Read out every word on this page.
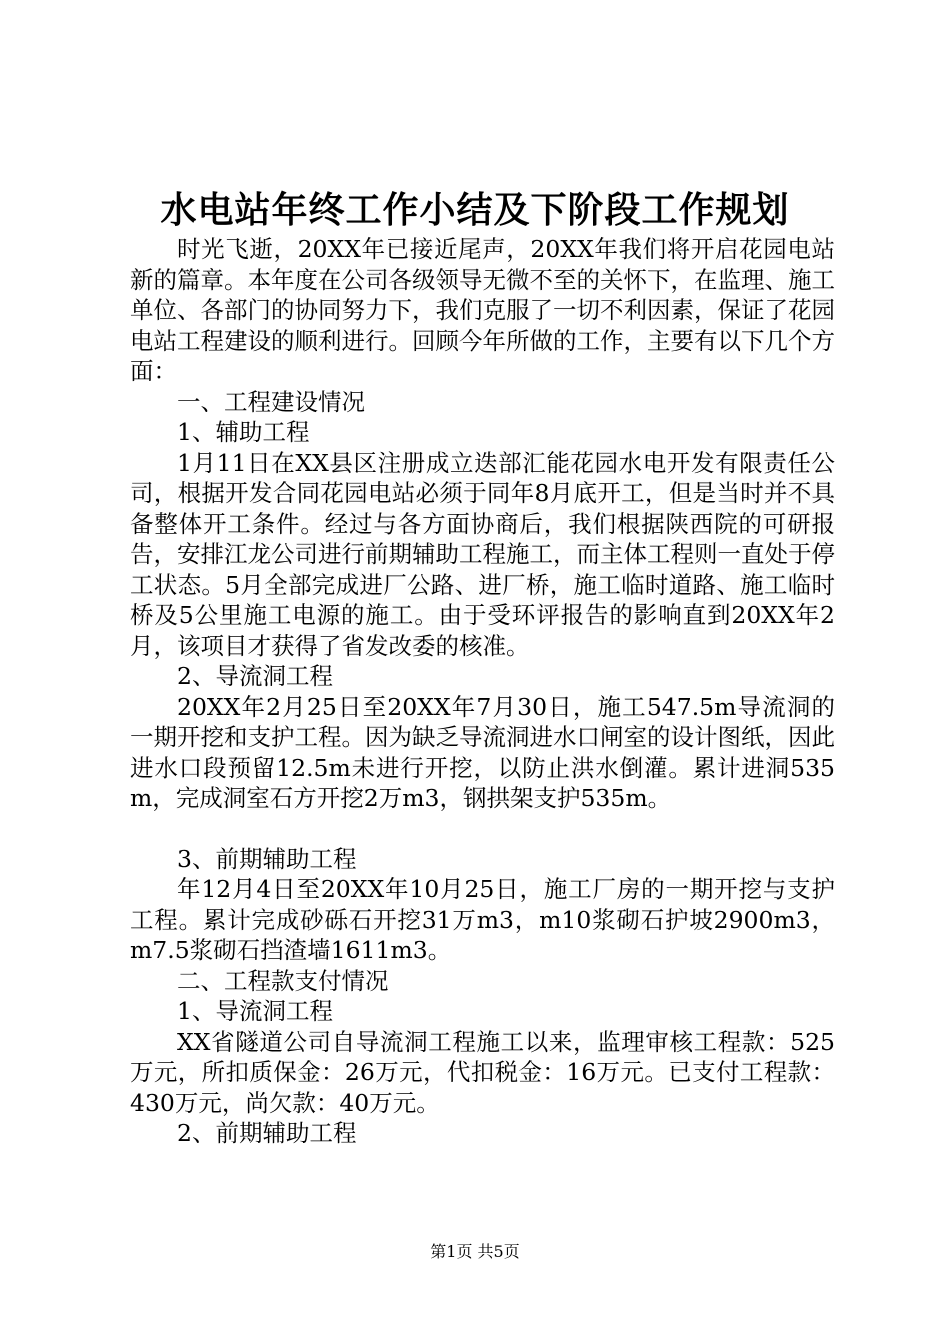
水电站年终工作小结及下阶段工作规划

时光飞逝，20XX年已接近尾声，20XX年我们将开启花园电站新的篇章。本年度在公司各级领导无微不至的关怀下，在监理、施工单位、各部门的协同努力下，我们克服了一切不利因素，保证了花园电站工程建设的顺利进行。回顾今年所做的工作，主要有以下几个方面：

一、工程建设情况

1、辅助工程

1月11日在XX县区注册成立迭部汇能花园水电开发有限责任公司，根据开发合同花园电站必须于同年8月底开工，但是当时并不具备整体开工条件。经过与各方面协商后，我们根据陕西院的可研报告，安排江龙公司进行前期辅助工程施工，而主体工程则一直处于停工状态。5月全部完成进厂公路、进厂桥，施工临时道路、施工临时桥及5公里施工电源的施工。由于受环评报告的影响直到20XX年2月，该项目才获得了省发改委的核准。

2、导流洞工程

20XX年2月25日至20XX年7月30日，施工547.5m导流洞的一期开挖和支护工程。因为缺乏导流洞进水口闸室的设计图纸，因此进水口段预留12.5m未进行开挖，以防止洪水倒灌。累计进洞535m，完成洞室石方开挖2万m3，钢拱架支护535m。

3、前期辅助工程

年12月4日至20XX年10月25日，施工厂房的一期开挖与支护工程。累计完成砂砾石开挖31万m3，m10浆砌石护坡2900m3，m7.5浆砌石挡渣墙1611m3。

二、工程款支付情况

1、导流洞工程

XX省隧道公司自导流洞工程施工以来，监理审核工程款：525万元，所扣质保金：26万元，代扣税金：16万元。已支付工程款：430万元，尚欠款：40万元。

2、前期辅助工程

第1页 共5页
